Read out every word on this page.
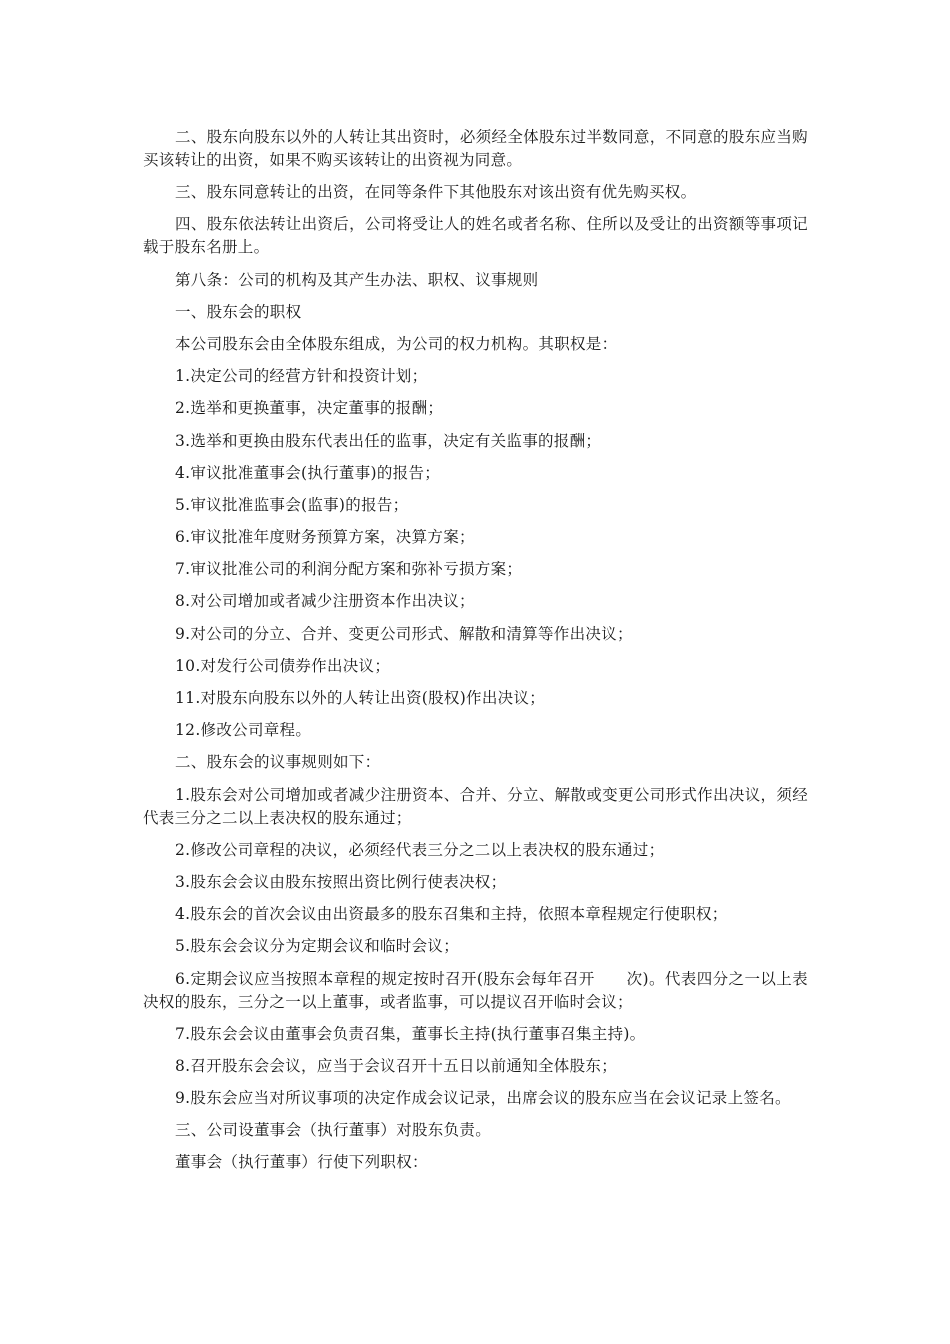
二、股东向股东以外的人转让其出资时，必须经全体股东过半数同意，不同意的股东应当购买该转让的出资，如果不购买该转让的出资视为同意。

三、股东同意转让的出资，在同等条件下其他股东对该出资有优先购买权。

四、股东依法转让出资后，公司将受让人的姓名或者名称、住所以及受让的出资额等事项记载于股东名册上。

第八条：公司的机构及其产生办法、职权、议事规则

一、股东会的职权

本公司股东会由全体股东组成，为公司的权力机构。其职权是：

1.决定公司的经营方针和投资计划；

2.选举和更换董事，决定董事的报酬；

3.选举和更换由股东代表出任的监事，决定有关监事的报酬；

4.审议批准董事会(执行董事)的报告；

5.审议批准监事会(监事)的报告；

6.审议批准年度财务预算方案，决算方案；

7.审议批准公司的利润分配方案和弥补亏损方案；

8.对公司增加或者减少注册资本作出决议；

9.对公司的分立、合并、变更公司形式、解散和清算等作出决议；

10.对发行公司债券作出决议；

11.对股东向股东以外的人转让出资(股权)作出决议；

12.修改公司章程。

二、股东会的议事规则如下：

1.股东会对公司增加或者减少注册资本、合并、分立、解散或变更公司形式作出决议，须经代表三分之二以上表决权的股东通过；

2.修改公司章程的决议，必须经代表三分之二以上表决权的股东通过；

3.股东会会议由股东按照出资比例行使表决权；

4.股东会的首次会议由出资最多的股东召集和主持，依照本章程规定行使职权；

5.股东会会议分为定期会议和临时会议；

6.定期会议应当按照本章程的规定按时召开(股东会每年召开　　次)。代表四分之一以上表决权的股东，三分之一以上董事，或者监事，可以提议召开临时会议；

7.股东会会议由董事会负责召集，董事长主持(执行董事召集主持)。

8.召开股东会会议，应当于会议召开十五日以前通知全体股东；

9.股东会应当对所议事项的决定作成会议记录，出席会议的股东应当在会议记录上签名。

三、公司设董事会（执行董事）对股东负责。

董事会（执行董事）行使下列职权：
